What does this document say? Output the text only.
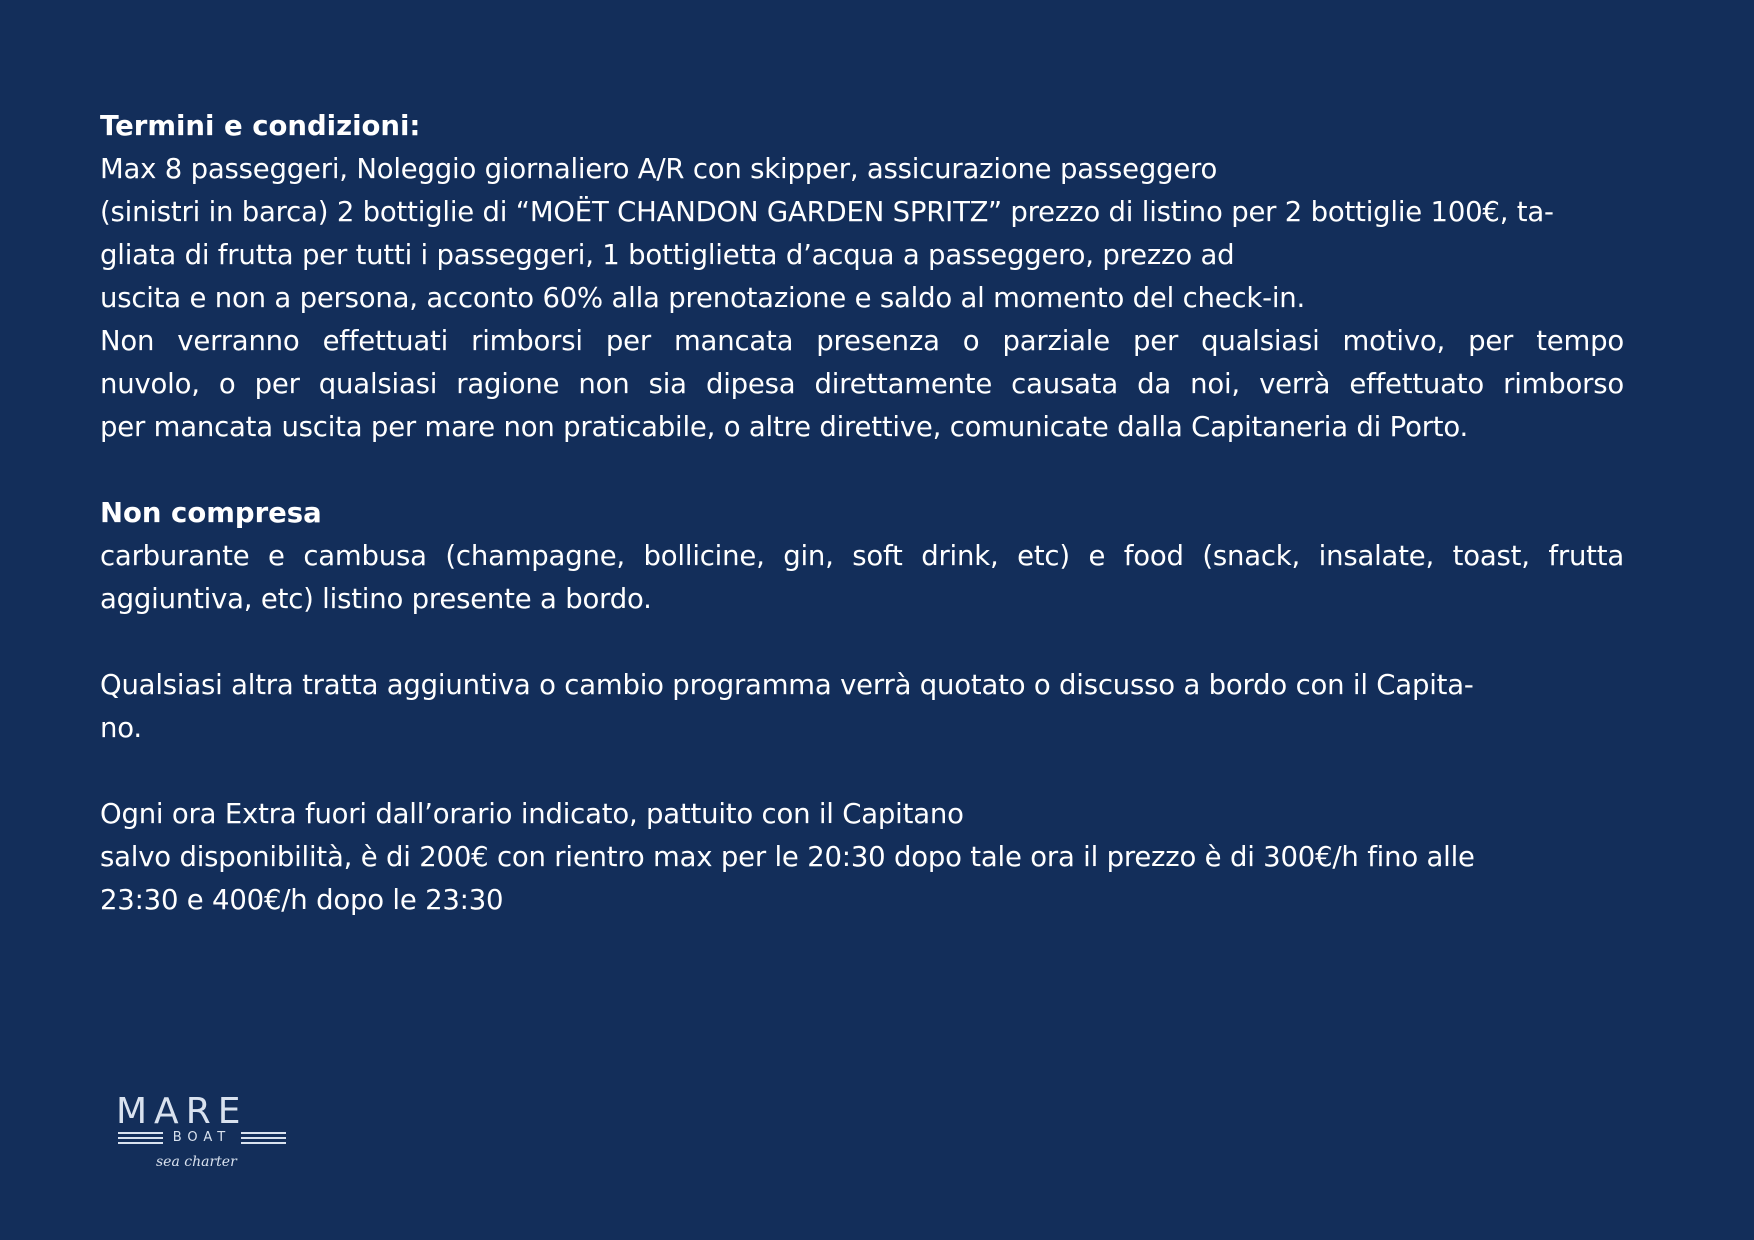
Termini e condizioni:
Max 8 passeggeri, Noleggio giornaliero A/R con skipper, assicurazione passeggero
(sinistri in barca) 2 bottiglie di “MOËT CHANDON GARDEN SPRITZ” prezzo di listino per 2 bottiglie 100€, ta-
gliata di frutta per tutti i passeggeri, 1 bottiglietta d’acqua a passeggero, prezzo ad
uscita e non a persona, acconto 60% alla prenotazione e saldo al momento del check-in.
Non verranno effettuati rimborsi per mancata presenza o parziale per qualsiasi motivo, per tempo
nuvolo, o per qualsiasi ragione non sia dipesa direttamente causata da noi, verrà effettuato rimborso
per mancata uscita per mare non praticabile, o altre direttive, comunicate dalla Capitaneria di Porto.
Non compresa
carburante e cambusa (champagne, bollicine, gin, soft drink, etc) e food (snack, insalate, toast, frutta
aggiuntiva, etc) listino presente a bordo.
Qualsiasi altra tratta aggiuntiva o cambio programma verrà quotato o discusso a bordo con il Capita-
no.
Ogni ora Extra fuori dall’orario indicato, pattuito con il Capitano
salvo disponibilità, è di 200€ con rientro max per le 20:30 dopo tale ora il prezzo è di 300€/h fino alle
23:30 e 400€/h dopo le 23:30
MARE
BOAT
sea charter
